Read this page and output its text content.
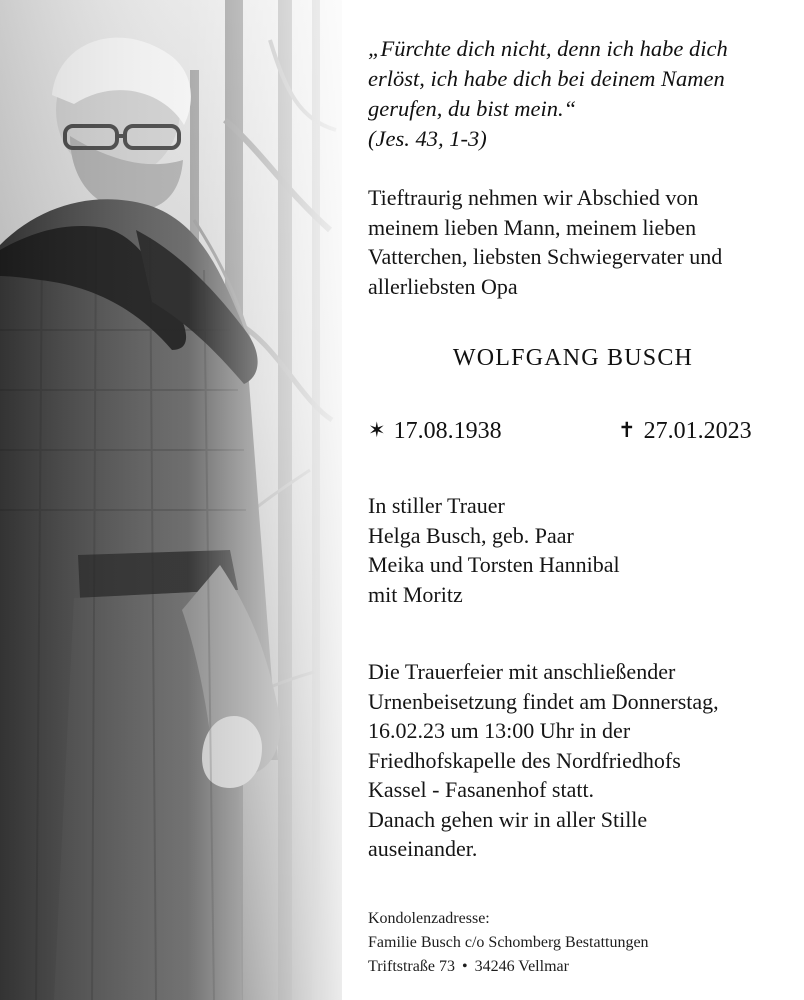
„Fürchte dich nicht, denn ich habe dich
erlöst, ich habe dich bei deinem Namen
gerufen, du bist mein.“
(Jes. 43, 1-3)
Tieftraurig nehmen wir Abschied von
meinem lieben Mann, meinem lieben
Vatterchen, liebsten Schwiegervater und
allerliebsten Opa
WOLFGANG BUSCH
✶ 17.08.1938	✝ 27.01.2023
In stiller Trauer
Helga Busch, geb. Paar
Meika und Torsten Hannibal
mit Moritz
Die Trauerfeier mit anschließender
Urnenbeisetzung findet am Donnerstag,
16.02.23 um 13:00 Uhr in der
Friedhofskapelle des Nordfriedhofs
Kassel - Fasanenhof statt.
Danach gehen wir in aller Stille
auseinander.
Kondolenzadresse:
Familie Busch c/o Schomberg Bestattungen
Triftstraße 73 • 34246 Vellmar
